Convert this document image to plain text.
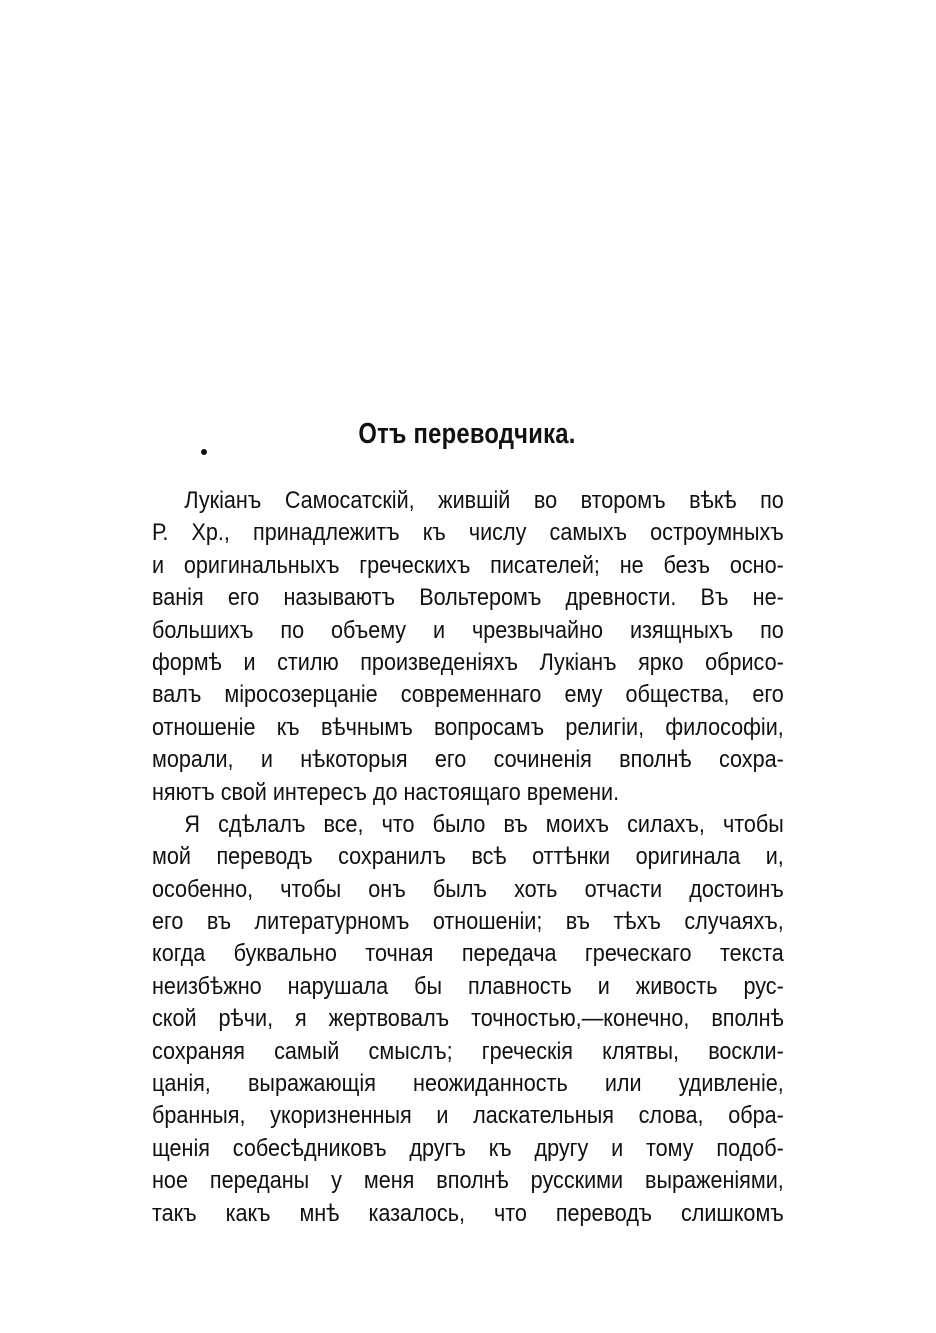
Отъ переводчика.
Лукіанъ Самосатскій, жившій во второмъ вѣкѣ по
Р. Хр., принадлежитъ къ числу самыхъ остроумныхъ
и оригинальныхъ греческихъ писателей; не безъ осно-
ванія его называютъ Вольтеромъ древности. Въ не-
большихъ по объему и чрезвычайно изящныхъ по
формѣ и стилю произведеніяхъ Лукіанъ ярко обрисо-
валъ міросозерцаніе современнаго ему общества, его
отношеніе къ вѣчнымъ вопросамъ религіи, философіи,
морали, и нѣкоторыя его сочиненія вполнѣ сохра-
няютъ свой интересъ до настоящаго времени.
Я сдѣлалъ все, что было въ моихъ силахъ, чтобы
мой переводъ сохранилъ всѣ оттѣнки оригинала и,
особенно, чтобы онъ былъ хоть отчасти достоинъ
его въ литературномъ отношеніи; въ тѣхъ случаяхъ,
когда буквально точная передача греческаго текста
неизбѣжно нарушала бы плавность и живость рус-
ской рѣчи, я жертвовалъ точностью,—конечно, вполнѣ
сохраняя самый смыслъ; греческія клятвы, воскли-
цанія, выражающія неожиданность или удивленіе,
бранныя, укоризненныя и ласкательныя слова, обра-
щенія собесѣдниковъ другъ къ другу и тому подоб-
ное переданы у меня вполнѣ русскими выраженіями,
такъ какъ мнѣ казалось, что переводъ слишкомъ
